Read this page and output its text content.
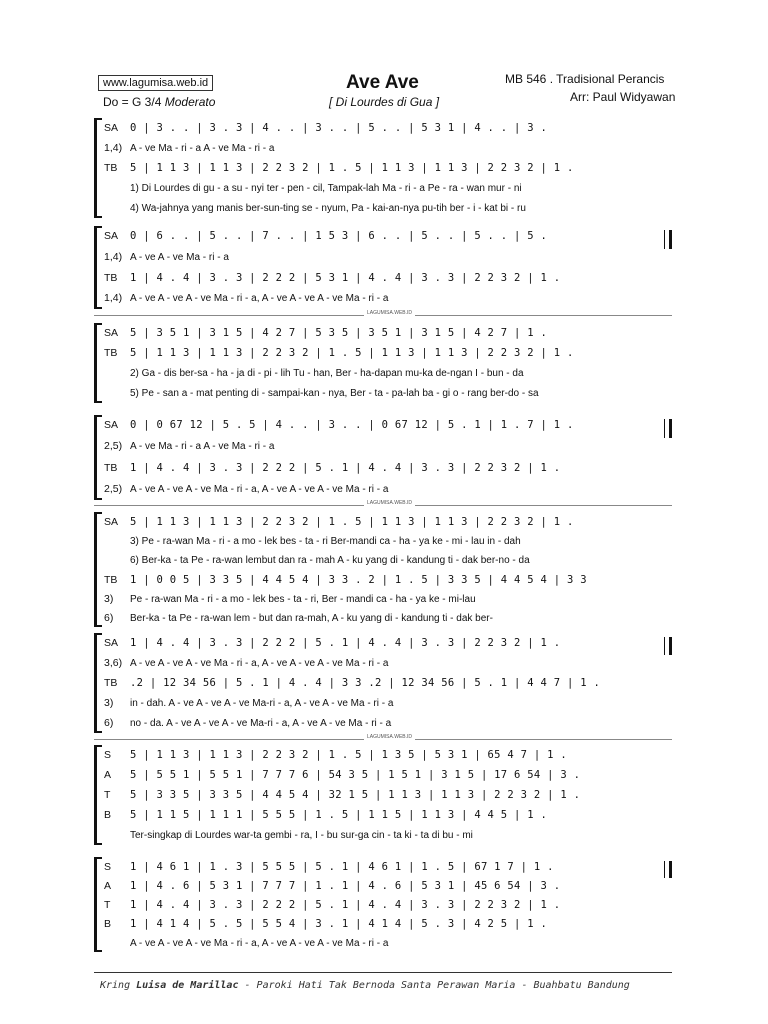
www.lagumisa.web.id
Do = G 3/4 Moderato
Ave Ave
[ Di Lourdes di Gua ]
MB 546 . Tradisional Perancis
Arr: Paul Widyawan
SA	0 | 3 . . | 3 . 3 | 4 . . | 3 . . | 5 . . | 5 3 1 | 4 . . | 3 .
1,4) A - ve Ma - ri - a A - ve Ma - ri - a
TB	5 | 1 1 3 | 1 1 3 | 2 2 3 2 | 1 . 5 | 1 1 3 | 1 1 3 | 2 2 3 2 | 1 .
1) Di Lourdes di gu - a su - nyi ter - pen - cil, Tampak-lah Ma - ri - a Pe - ra - wan mur - ni
4) Wa-jahnya yang manis ber-sun-ting se - nyum, Pa - kai-an-nya pu-tih ber - i - kat bi - ru
SA	0 | 6 . . | 5 . . | 7 . . | 1 5 3 | 6 . . | 5 . . | 5 . . | 5 .
1,4) A - ve A - ve Ma - ri - a
TB	1 | 4 . 4 | 3 . 3 | 2 2 2 | 5 3 1 | 4 . 4 | 3 . 3 | 2 2 3 2 | 1 .
1,4) A - ve A - ve A - ve Ma - ri - a, A - ve A - ve A - ve Ma - ri - a
SA	5 | 3 5 1 | 3 1 5 | 4 2 7 | 5 3 5 | 3 5 1 | 3 1 5 | 4 2 7 | 1 .
TB	5 | 1 1 3 | 1 1 3 | 2 2 3 2 | 1 . 5 | 1 1 3 | 1 1 3 | 2 2 3 2 | 1 .
2) Ga - dis ber-sa - ha - ja di - pi - lih Tu - han, Ber - ha-dapan mu-ka de-ngan I - bun - da
5) Pe - san a - mat penting di - sampai-kan - nya, Ber - ta - pa-lah ba - gi o - rang ber-do - sa
SA	0 | 0 67 12 | 5 . 5 | 4 . . | 3 . . | 0 67 12 | 5 . 1 | 1 . 7 | 1 .
2,5) A - ve Ma - ri - a A - ve Ma - ri - a
TB	1 | 4 . 4 | 3 . 3 | 2 2 2 | 5 . 1 | 4 . 4 | 3 . 3 | 2 2 3 2 | 1 .
2,5) A - ve A - ve A - ve Ma - ri - a, A - ve A - ve A - ve Ma - ri - a
SA	5 | 1 1 3 | 1 1 3 | 2 2 3 2 | 1 . 5 | 1 1 3 | 1 1 3 | 2 2 3 2 | 1 .
3) Pe - ra-wan Ma - ri - a mo - lek bes - ta - ri Ber-mandi ca - ha - ya ke - mi - lau in - dah
6) Ber-ka - ta Pe - ra-wan lembut dan ra - mah A - ku yang di - kandung ti - dak ber-no - da
TB	1 | 0 0 5 | 3 3 5 | 4 4 5 4 | 3 3 . 2 | 1 . 5 | 3 3 5 | 4 4 5 4 | 3 3
3)	Pe - ra-wan Ma - ri - a mo - lek bes - ta - ri, Ber - mandi ca - ha - ya ke - mi-lau
6)	Ber-ka - ta Pe - ra-wan lem - but dan ra-mah, A - ku yang di - kandung ti - dak ber-
SA	1 | 4 . 4 | 3 . 3 | 2 2 2 | 5 . 1 | 4 . 4 | 3 . 3 | 2 2 3 2 | 1 .
3,6) A - ve A - ve A - ve Ma - ri - a, A - ve A - ve A - ve Ma - ri - a
TB	.2 | 12 34 56 | 5 . 1 | 4 . 4 | 3 3 .2 | 12 34 56 | 5 . 1 | 4 4 7 | 1 .
3)	in - dah. A - ve A - ve A - ve Ma-ri - a, A - ve A - ve Ma - ri - a
6)	no - da. A - ve A - ve A - ve Ma-ri - a, A - ve A - ve Ma - ri - a
S	5 | 1 1 3 | 1 1 3 | 2 2 3 2 | 1 . 5 | 1 3 5 | 5 3 1 | 65 4 7 | 1 .
A	5 | 5 5 1 | 5 5 1 | 7 7 7 6 | 54 3 5 | 1 5 1 | 3 1 5 | 17 6 54 | 3 .
T	5 | 3 3 5 | 3 3 5 | 4 4 5 4 | 32 1 5 | 1 1 3 | 1 1 3 | 2 2 3 2 | 1 .
B	5 | 1 1 5 | 1 1 1 | 5 5 5 | 1 . 5 | 1 1 5 | 1 1 3 | 4 4 5 | 1 .
Ter-singkap di Lourdes war-ta gembi - ra, I - bu sur-ga cin - ta ki - ta di bu - mi
S	1 | 4 6 1 | 1 . 3 | 5 5 5 | 5 . 1 | 4 6 1 | 1 . 5 | 67 1 7 | 1 .
A	1 | 4 . 6 | 5 3 1 | 7 7 7 | 1 . 1 | 4 . 6 | 5 3 1 | 45 6 54 | 3 .
T	1 | 4 . 4 | 3 . 3 | 2 2 2 | 5 . 1 | 4 . 4 | 3 . 3 | 2 2 3 2 | 1 .
B	1 | 4 1 4 | 5 . 5 | 5 5 4 | 3 . 1 | 4 1 4 | 5 . 3 | 4 2 5 | 1 .
A - ve A - ve A - ve Ma - ri - a, A - ve A - ve A - ve Ma - ri - a
LAGUMISA.WEB.ID
LAGUMISA.WEB.ID
LAGUMISA.WEB.ID
Kring Luisa de Marillac - Paroki Hati Tak Bernoda Santa Perawan Maria - Buahbatu Bandung
